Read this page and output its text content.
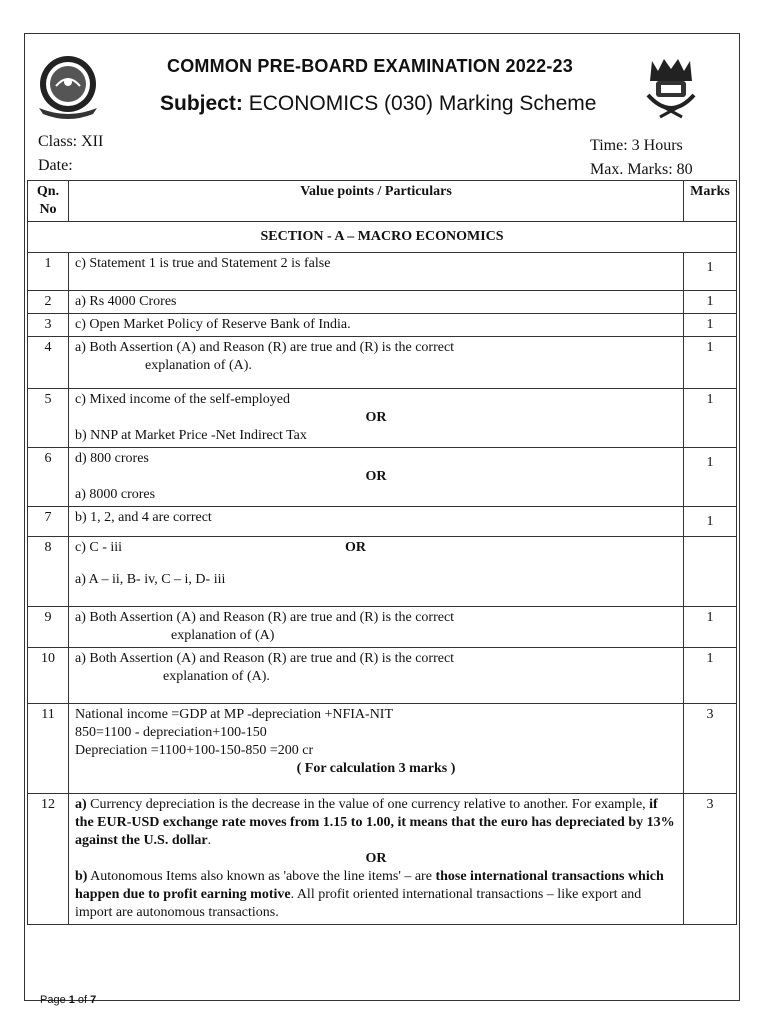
COMMON PRE-BOARD EXAMINATION 2022-23
Subject: ECONOMICS (030) Marking Scheme
Class: XII
Date:
Time: 3 Hours
Max. Marks: 80
Qn. No	Value points / Particulars	Marks
SECTION - A – MACRO ECONOMICS		
1	c) Statement 1 is true and Statement 2 is false	1

2	a) Rs 4000 Crores	1
3	c) Open Market Policy of Reserve Bank of India.	1
4	a) Both Assertion (A) and Reason (R) are true and (R) is the correct
explanation of (A).	1
5	c) Mixed income of the self-employed
OR
b) NNP at Market Price -Net Indirect Tax	1
6	d) 800 crores
OR
a) 8000 crores	1

7	b) 1, 2, and 4 are correct	1

8	c) C - iii OR
a) A – ii, B- iv, C – i, D- iii	

9	a) Both Assertion (A) and Reason (R) are true and (R) is the correct
explanation of (A)	1
10	a) Both Assertion (A) and Reason (R) are true and (R) is the correct
explanation of (A).	1
11	National income =GDP at MP -depreciation +NFIA-NIT
850=1100 - depreciation+100-150
Depreciation =1100+100-150-850 =200 cr
( For calculation 3 marks )	3
12	a) Currency depreciation is the decrease in the value of one currency relative to another. For example, if the EUR-USD exchange rate moves from 1.15 to 1.00, it means that the euro has depreciated by 13% against the U.S. dollar.
OR
b) Autonomous Items also known as 'above the line items' – are those international transactions which happen due to profit earning motive. All profit oriented international transactions – like export and import are autonomous transactions.	3
Page 1 of 7
